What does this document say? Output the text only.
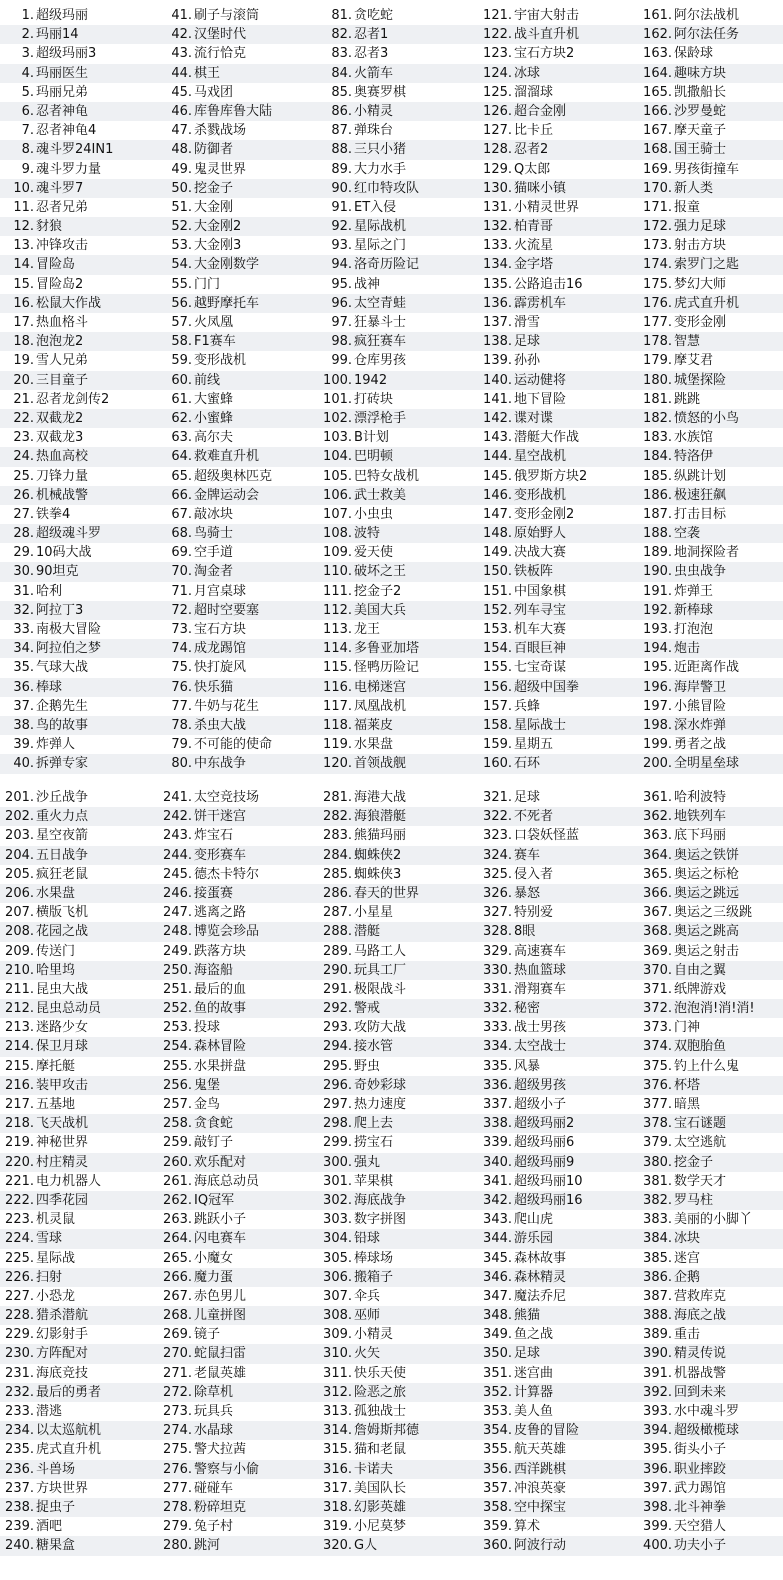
1. 超级玛丽
2. 玛丽14
3. 超级玛丽3
4. 玛丽医生
5. 玛丽兄弟
6. 忍者神龟
7. 忍者神龟4
8. 魂斗罗24IN1
9. 魂斗罗力量
10. 魂斗罗7
11. 忍者兄弟
12. 豺狼
13. 冲锋攻击
14. 冒险岛
15. 冒险岛2
16. 松鼠大作战
17. 热血格斗
18. 泡泡龙2
19. 雪人兄弟
20. 三目童子
21. 忍者龙剑传2
22. 双截龙2
23. 双截龙3
24. 热血高校
25. 刀锋力量
26. 机械战警
27. 铁拳4
28. 超级魂斗罗
29. 10码大战
30. 90坦克
31. 哈利
32. 阿拉丁3
33. 南极大冒险
34. 阿拉伯之梦
35. 气球大战
36. 棒球
37. 企鹅先生
38. 鸟的故事
39. 炸弹人
40. 拆弹专家
41. 刷子与滚筒
42. 汉堡时代
43. 流行恰克
44. 棋王
45. 马戏团
46. 库鲁库鲁大陆
47. 杀戮战场
48. 防御者
49. 鬼灵世界
50. 挖金子
51. 大金刚
52. 大金刚2
53. 大金刚3
54. 大金刚数学
55. 门门
56. 越野摩托车
57. 火凤凰
58. F1赛车
59. 变形战机
60. 前线
61. 大蜜蜂
62. 小蜜蜂
63. 高尔夫
64. 救难直升机
65. 超级奥林匹克
66. 金牌运动会
67. 敲冰块
68. 鸟骑士
69. 空手道
70. 淘金者
71. 月宫桌球
72. 超时空要塞
73. 宝石方块
74. 成龙踢馆
75. 快打旋风
76. 快乐猫
77. 牛奶与花生
78. 杀虫大战
79. 不可能的使命
80. 中东战争
81. 贪吃蛇
82. 忍者1
83. 忍者3
84. 火箭车
85. 奥赛罗棋
86. 小精灵
87. 弹珠台
88. 三只小猪
89. 大力水手
90. 红巾特攻队
91. ET入侵
92. 星际战机
93. 星际之门
94. 洛奇历险记
95. 战神
96. 太空青蛙
97. 狂暴斗士
98. 疯狂赛车
99. 仓库男孩
100. 1942
101. 打砖块
102. 漂浮枪手
103. B计划
104. 巴明顿
105. 巴特女战机
106. 武士救美
107. 小虫虫
108. 波特
109. 爱天使
110. 破坏之王
111. 挖金子2
112. 美国大兵
113. 龙王
114. 多鲁亚加塔
115. 怪鸭历险记
116. 电梯迷宫
117. 凤凰战机
118. 福莱皮
119. 水果盘
120. 首领战舰
121. 宇宙大射击
122. 战斗直升机
123. 宝石方块2
124. 冰球
125. 溜溜球
126. 超合金刚
127. 比卡丘
128. 忍者2
129. Q太郎
130. 猫咪小镇
131. 小精灵世界
132. 柏青哥
133. 火流星
134. 金字塔
135. 公路追击16
136. 霹雳机车
137. 滑雪
138. 足球
139. 孙孙
140. 运动健将
141. 地下冒险
142. 谍对谍
143. 潜艇大作战
144. 星空战机
145. 俄罗斯方块2
146. 变形战机
147. 变形金刚2
148. 原始野人
149. 决战大赛
150. 铁板阵
151. 中国象棋
152. 列车寻宝
153. 机车大赛
154. 百眼巨神
155. 七宝奇谋
156. 超级中国拳
157. 兵蜂
158. 星际战士
159. 星期五
160. 石环
161. 阿尔法战机
162. 阿尔法任务
163. 保龄球
164. 趣味方块
165. 凯撒船长
166. 沙罗曼蛇
167. 摩天童子
168. 国王骑士
169. 男孩街撞车
170. 新人类
171. 报童
172. 强力足球
173. 射击方块
174. 索罗门之匙
175. 梦幻大师
176. 虎式直升机
177. 变形金刚
178. 智慧
179. 摩艾君
180. 城堡探险
181. 跳跳
182. 愤怒的小鸟
183. 水族馆
184. 特洛伊
185. 纵跳计划
186. 极速狂飙
187. 打击目标
188. 空袭
189. 地洞探险者
190. 虫虫战争
191. 炸弹王
192. 新棒球
193. 打泡泡
194. 炮击
195. 近距离作战
196. 海岸警卫
197. 小熊冒险
198. 深水炸弹
199. 勇者之战
200. 全明星垒球
201. 沙丘战争
202. 重火力点
203. 星空夜箭
204. 五日战争
205. 疯狂老鼠
206. 水果盘
207. 横版飞机
208. 花园之战
209. 传送门
210. 哈里坞
211. 昆虫大战
212. 昆虫总动员
213. 迷路少女
214. 保卫月球
215. 摩托艇
216. 装甲攻击
217. 五基地
218. 飞天战机
219. 神秘世界
220. 村庄精灵
221. 电力机器人
222. 四季花园
223. 机灵鼠
224. 雪球
225. 星际战
226. 扫射
227. 小恐龙
228. 猎杀潜航
229. 幻影射手
230. 方阵配对
231. 海底竞技
232. 最后的勇者
233. 潜逃
234. 以太巡航机
235. 虎式直升机
236. 斗兽场
237. 方块世界
238. 捉虫子
239. 酒吧
240. 糖果盒
241. 太空竞技场
242. 饼干迷宫
243. 炸宝石
244. 变形赛车
245. 德杰卡特尔
246. 接蛋赛
247. 逃离之路
248. 博览会珍品
249. 跌落方块
250. 海盗船
251. 最后的血
252. 鱼的故事
253. 投球
254. 森林冒险
255. 水果拼盘
256. 鬼堡
257. 金鸟
258. 贪食蛇
259. 敲钉子
260. 欢乐配对
261. 海底总动员
262. IQ冠军
263. 跳跃小子
264. 闪电赛车
265. 小魔女
266. 魔力蛋
267. 赤色男儿
268. 儿童拼图
269. 镜子
270. 蛇鼠扫雷
271. 老鼠英雄
272. 除草机
273. 玩具兵
274. 水晶球
275. 警犬拉茜
276. 警察与小偷
277. 碰碰车
278. 粉碎坦克
279. 兔子村
280. 跳河
281. 海港大战
282. 海狼潜艇
283. 熊猫玛丽
284. 蜘蛛侠2
285. 蜘蛛侠3
286. 春天的世界
287. 小星星
288. 潜艇
289. 马路工人
290. 玩具工厂
291. 极限战斗
292. 警戒
293. 攻防大战
294. 接水管
295. 野虫
296. 奇妙彩球
297. 热力速度
298. 爬上去
299. 捞宝石
300. 强丸
301. 苹果棋
302. 海底战争
303. 数字拼图
304. 铅球
305. 棒球场
306. 搬箱子
307. 伞兵
308. 巫师
309. 小精灵
310. 火矢
311. 快乐天使
312. 险恶之旅
313. 孤独战士
314. 詹姆斯邦德
315. 猫和老鼠
316. 卡诺夫
317. 美国队长
318. 幻影英雄
319. 小尼莫梦
320. G人
321. 足球
322. 不死者
323. 口袋妖怪蓝
324. 赛车
325. 侵入者
326. 暴怒
327. 特别爱
328. 8眼
329. 高速赛车
330. 热血篮球
331. 滑翔赛车
332. 秘密
333. 战士男孩
334. 太空战士
335. 风暴
336. 超级男孩
337. 超级小子
338. 超级玛丽2
339. 超级玛丽6
340. 超级玛丽9
341. 超级玛丽10
342. 超级玛丽16
343. 爬山虎
344. 游乐园
345. 森林故事
346. 森林精灵
347. 魔法乔尼
348. 熊猫
349. 鱼之战
350. 足球
351. 迷宫曲
352. 计算器
353. 美人鱼
354. 皮鲁的冒险
355. 航天英雄
356. 西洋跳棋
357. 冲浪英豪
358. 空中探宝
359. 算术
360. 阿波行动
361. 哈利波特
362. 地铁列车
363. 底下玛丽
364. 奥运之铁饼
365. 奥运之标枪
366. 奥运之跳远
367. 奥运之三级跳
368. 奥运之跳高
369. 奥运之射击
370. 自由之翼
371. 纸牌游戏
372. 泡泡消!消!消!
373. 门神
374. 双胞胎鱼
375. 钓上什么鬼
376. 杯塔
377. 暗黑
378. 宝石谜题
379. 太空逃航
380. 挖金子
381. 数学天才
382. 罗马柱
383. 美丽的小脚丫
384. 冰块
385. 迷宫
386. 企鹅
387. 营救库克
388. 海底之战
389. 重击
390. 精灵传说
391. 机器战警
392. 回到未来
393. 水中魂斗罗
394. 超级橄榄球
395. 街头小子
396. 职业摔跤
397. 武力踢馆
398. 北斗神拳
399. 天空猎人
400. 功夫小子
